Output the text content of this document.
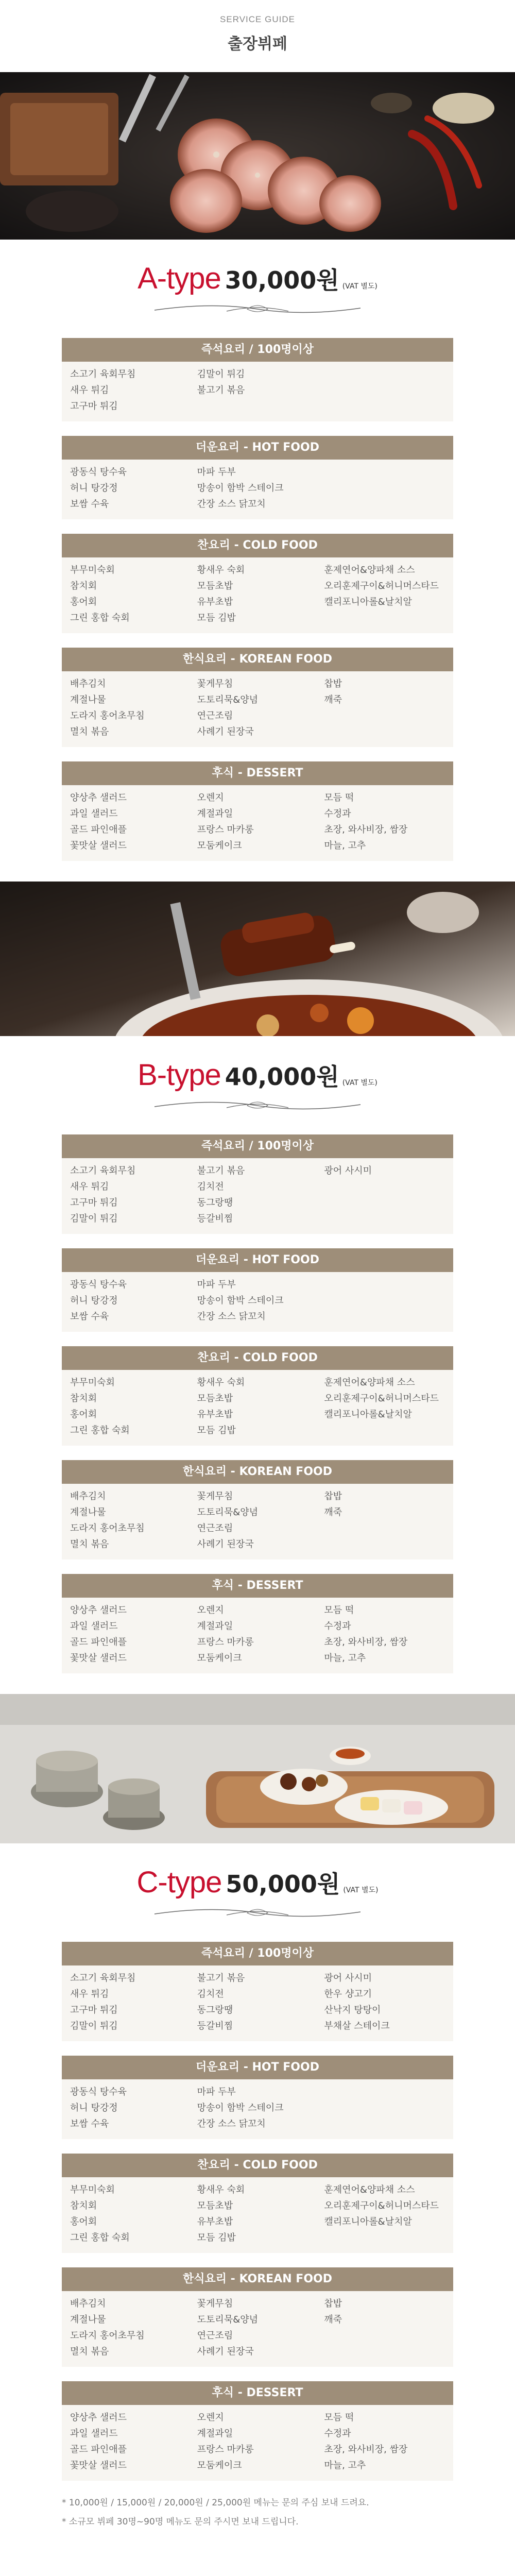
SERVICE GUIDE
출장뷔페
A-type 30,000원 (VAT 별도)
즉석요리 / 100명이상
소고기 육회무침
새우 튀김
고구마 튀김
김말이 튀김
불고기 볶음
더운요리 - HOT FOOD
광동식 탕수육
허니 탕강정
보쌈 수육
마파 두부
망송이 함박 스테이크
간장 소스 닭꼬치
찬요리 - COLD FOOD
부무미숙회
참치회
홍어회
그린 홍합 숙회
황새우 숙회
모듬초밥
유부초밥
모듬 김밥
훈제연어&양파채 소스
오리훈제구이&허니머스타드
캘리포니아롤&날치알
한식요리 - KOREAN FOOD
배추김치
계절나물
도라지 홍어초무침
멸치 볶음
꽃게무침
도토리묵&양념
연근조림
사례기 된장국
찹밥
깨죽
후식 - DESSERT
양상추 샐러드
과일 샐러드
골드 파인애플
꽃맛살 샐러드
오렌지
계절과일
프랑스 마카롱
모둠케이크
모듬 떡
수정과
초장, 와사비장, 쌈장
마늘, 고추
B-type 40,000원 (VAT 별도)
즉석요리 / 100명이상
소고기 육회무침
새우 튀김
고구마 튀김
김말이 튀김
불고기 볶음
김치전
동그랑땡
등갈비찜
광어 사시미
더운요리 - HOT FOOD
광동식 탕수육
허니 탕강정
보쌈 수육
마파 두부
망송이 함박 스테이크
간장 소스 닭꼬치
찬요리 - COLD FOOD
부무미숙회
참치회
홍어회
그린 홍합 숙회
황새우 숙회
모듬초밥
유부초밥
모듬 김밥
훈제연어&양파채 소스
오리훈제구이&허니머스타드
캘리포니아롤&날치알
한식요리 - KOREAN FOOD
배추김치
계절나물
도라지 홍어초무침
멸치 볶음
꽃게무침
도토리묵&양념
연근조림
사례기 된장국
찹밥
깨죽
후식 - DESSERT
양상추 샐러드
과일 샐러드
골드 파인애플
꽃맛살 샐러드
오렌지
계절과일
프랑스 마카롱
모둠케이크
모듬 떡
수정과
초장, 와사비장, 쌈장
마늘, 고추
C-type 50,000원 (VAT 별도)
즉석요리 / 100명이상
소고기 육회무침
새우 튀김
고구마 튀김
김말이 튀김
불고기 볶음
김치전
동그랑땡
등갈비찜
광어 사시미
한우 샹고기
산낙지 탕탕이
부채살 스테이크
더운요리 - HOT FOOD
광동식 탕수육
허니 탕강정
보쌈 수육
마파 두부
망송이 함박 스테이크
간장 소스 닭꼬치
찬요리 - COLD FOOD
부무미숙회
참치회
홍어회
그린 홍합 숙회
황새우 숙회
모듬초밥
유부초밥
모듬 김밥
훈제연어&양파채 소스
오리훈제구이&허니머스타드
캘리포니아롤&날치알
한식요리 - KOREAN FOOD
배추김치
계절나물
도라지 홍어초무침
멸치 볶음
꽃게무침
도토리묵&양념
연근조림
사례기 된장국
찹밥
깨죽
후식 - DESSERT
양상추 샐러드
과일 샐러드
골드 파인애플
꽃맛살 샐러드
오렌지
계절과일
프랑스 마카롱
모둠케이크
모듬 떡
수정과
초장, 와사비장, 쌈장
마늘, 고추
* 10,000원 / 15,000원 / 20,000원 / 25,000원 메뉴는 문의 주심 보내 드려요.
* 소규모 뷔페 30명~90명 메뉴도 문의 주시면 보내 드립니다.
